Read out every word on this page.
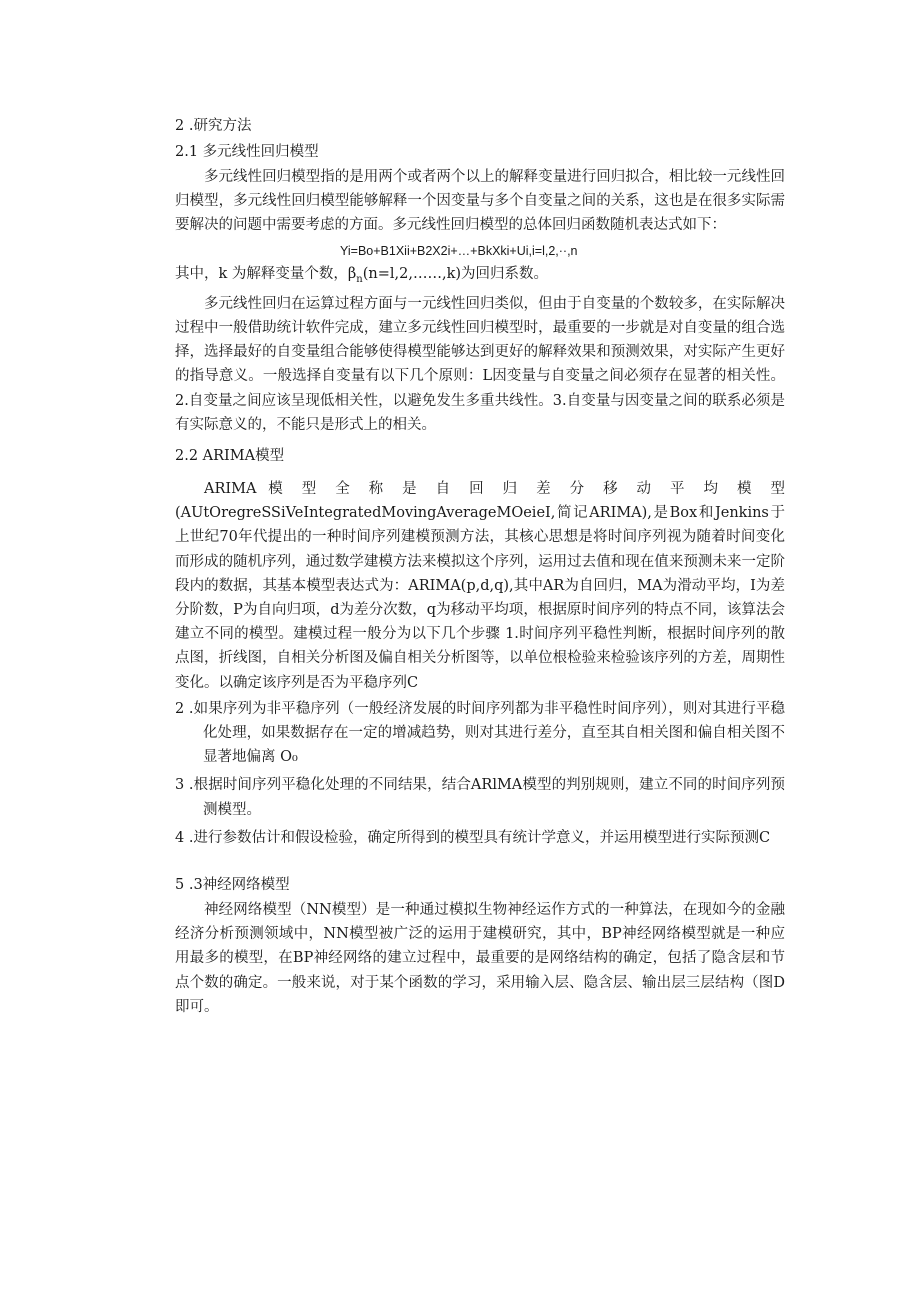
2 .研究方法

2.1 多元线性回归模型

多元线性回归模型指的是用两个或者两个以上的解释变量进行回归拟合，相比较一元线性回归模型，多元线性回归模型能够解释一个因变量与多个自变量之间的关系，这也是在很多实际需要解决的问题中需要考虑的方面。多元线性回归模型的总体回归函数随机表达式如下：

Yi=Bo+B1Xii+B2X2i+…+BkXki+Ui,i=l,2,··,n

其中，k 为解释变量个数，$\beta_n(n=l,2,\dots\dots,k)$为回归系数。

多元线性回归在运算过程方面与一元线性回归类似，但由于自变量的个数较多，在实际解决过程中一般借助统计软件完成，建立多元线性回归模型时，最重要的一步就是对自变量的组合选择，选择最好的自变量组合能够使得模型能够达到更好的解释效果和预测效果，对实际产生更好的指导意义。一般选择自变量有以下几个原则：L因变量与自变量之间必须存在显著的相关性。2.自变量之间应该呈现低相关性，以避免发生多重共线性。3.自变量与因变量之间的联系必须是有实际意义的，不能只是形式上的相关。

2.2 ARIMA模型

ARIMA 模 型 全 称 是 自 回 归 差 分 移 动 平 均 模 型

(AUtOregreSSiVeIntegratedMovingAverageMOeieI,简记ARIMA),是Box和Jenkins于上世纪70年代提出的一种时间序列建模预测方法，其核心思想是将时间序列视为随着时间变化而形成的随机序列，通过数学建模方法来模拟这个序列，运用过去值和现在值来预测未来一定阶段内的数据，其基本模型表达式为：ARIMA(p,d,q),其中AR为自回归，MA为滑动平均，I为差分阶数，P为自向归项，d为差分次数，q为移动平均项，根据原时间序列的特点不同，该算法会建立不同的模型。建模过程一般分为以下几个步骤 1.时间序列平稳性判断，根据时间序列的散点图，折线图，自相关分析图及偏自相关分析图等，以单位根检验来检验该序列的方差，周期性变化。以确定该序列是否为平稳序列C

2 .如果序列为非平稳序列（一般经济发展的时间序列都为非平稳性时间序列），则对其进行平稳化处理，如果数据存在一定的增减趋势，则对其进行差分，直至其自相关图和偏自相关图不显著地偏离 O₀

3 .根据时间序列平稳化处理的不同结果，结合ARlMA模型的判别规则，建立不同的时间序列预测模型。

4 .进行参数估计和假设检验，确定所得到的模型具有统计学意义，并运用模型进行实际预测C

5 .3神经网络模型

神经网络模型（NN模型）是一种通过模拟生物神经运作方式的一种算法，在现如今的金融经济分析预测领域中，NN模型被广泛的运用于建模研究，其中，BP神经网络模型就是一种应用最多的模型，在BP神经网络的建立过程中，最重要的是网络结构的确定，包括了隐含层和节点个数的确定。一般来说，对于某个函数的学习，采用输入层、隐含层、输出层三层结构（图D即可。
